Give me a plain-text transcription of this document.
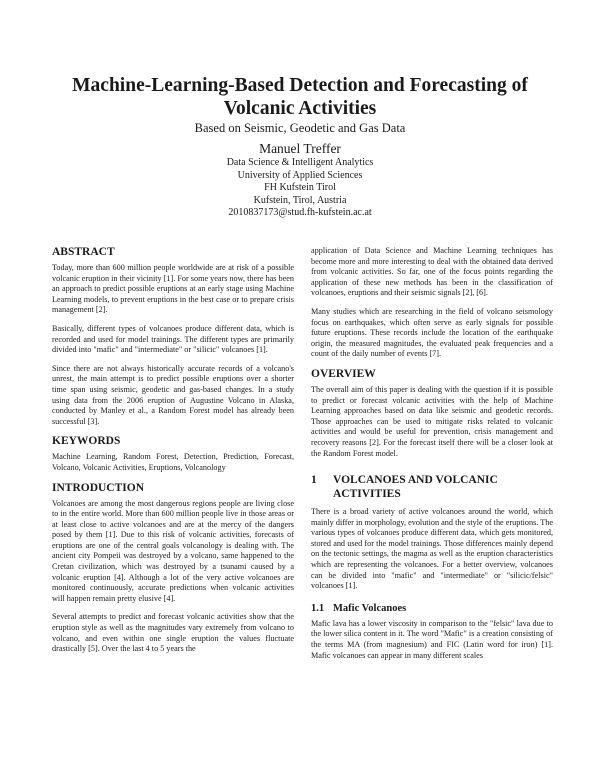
Machine-Learning-Based Detection and Forecasting of
Volcanic Activities
Based on Seismic, Geodetic and Gas Data
Manuel Treffer
Data Science & Intelligent Analytics
University of Applied Sciences
FH Kufstein Tirol
Kufstein, Tirol, Austria
2010837173@stud.fh-kufstein.ac.at
ABSTRACT

Today, more than 600 million people worldwide are at risk of a possible volcanic eruption in their vicinity [1]. For some years now, there has been an approach to predict possible eruptions at an early stage using Machine Learning models, to prevent eruptions in the best case or to prepare crisis management [2].

Basically, different types of volcanoes produce different data, which is recorded and used for model trainings. The different types are primarily divided into "mafic" and "intermediate" or "silicic" volcanoes [1].

Since there are not always historically accurate records of a volcano's unrest, the main attempt is to predict possible eruptions over a shorter time span using seismic, geodetic and gas-based changes. In a study using data from the 2006 eruption of Augustine Volcano in Alaska, conducted by Manley et al., a Random Forest model has already been successful [3].

KEYWORDS

Machine Learning, Random Forest, Detection, Prediction, Forecast, Volcano, Volcanic Activities, Eruptions, Volcanology

INTRODUCTION

Volcanoes are among the most dangerous regions people are living close to in the entire world. More than 600 million people live in those areas or at least close to active volcanoes and are at the mercy of the dangers posed by them [1]. Due to this risk of volcanic activities, forecasts of eruptions are one of the central goals volcanology is dealing with. The ancient city Pompeii was destroyed by a volcano, same happened to the Cretan civilization, which was destroyed by a tsunami caused by a volcanic eruption [4]. Although a lot of the very active volcanoes are monitored continuously, accurate predictions when volcanic activities will happen remain pretty elusive [4].

Several attempts to predict and forecast volcanic activities show that the eruption style as well as the magnitudes vary extremely from volcano to volcano, and even within one single eruption the values fluctuate drastically [5]. Over the last 4 to 5 years the

application of Data Science and Machine Learning techniques has become more and more interesting to deal with the obtained data derived from volcanic activities. So far, one of the focus points regarding the application of these new methods has been in the classification of volcanoes, eruptions and their seismic signals [2], [6].

Many studies which are researching in the field of volcano seismology focus on earthquakes, which often serve as early signals for possible future eruptions. These records include the location of the earthquake origin, the measured magnitudes, the evaluated peak frequencies and a count of the daily number of events [7].

OVERVIEW

The overall aim of this paper is dealing with the question if it is possible to predict or forecast volcanic activities with the help of Machine Learning approaches based on data like seismic and geodetic records. Those approaches can be used to mitigate risks related to volcanic activities and would be useful for prevention, crisis management and recovery reasons [2]. For the forecast itself there will be a closer look at the Random Forest model.

1 VOLCANOES AND VOLCANIC
ACTIVITIES

There is a broad variety of active volcanoes around the world, which mainly differ in morphology, evolution and the style of the eruptions. The various types of volcanoes produce different data, which gets monitored, stored and used for the model trainings. Those differences mainly depend on the tectonic settings, the magma as well as the eruption characteristics which are representing the volcanoes. For a better overview, volcanoes can be divided into "mafic" and "intermediate" or "silicic/felsic" volcanoes [1].

1.1 Mafic Volcanoes

Mafic lava has a lower viscosity in comparison to the "felsic" lava due to the lower silica content in it. The word "Mafic" is a creation consisting of the terms MA (from magnesium) and FIC (Latin word for iron) [1]. Mafic volcanoes can appear in many different scales
